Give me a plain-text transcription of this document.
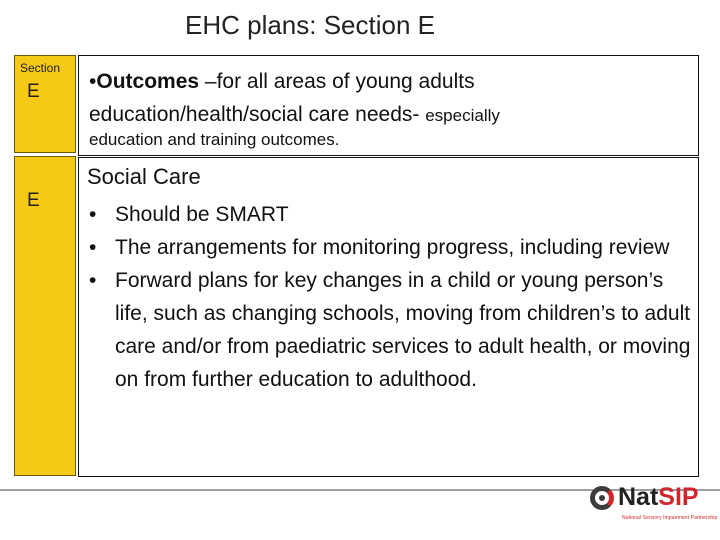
EHC plans: Section E
Section
E
E
•Outcomes –for all areas of young adults education/health/social care needs- especially
education and training outcomes.
Social Care
• Should be SMART
• The arrangements for monitoring progress, including review
• Forward plans for key changes in a child or young person’s life, such as changing schools, moving from children’s to adult care and/or from paediatric services to adult health, or moving on from further education to adulthood.
NatSIP
National Sensory Impairment Partnership
